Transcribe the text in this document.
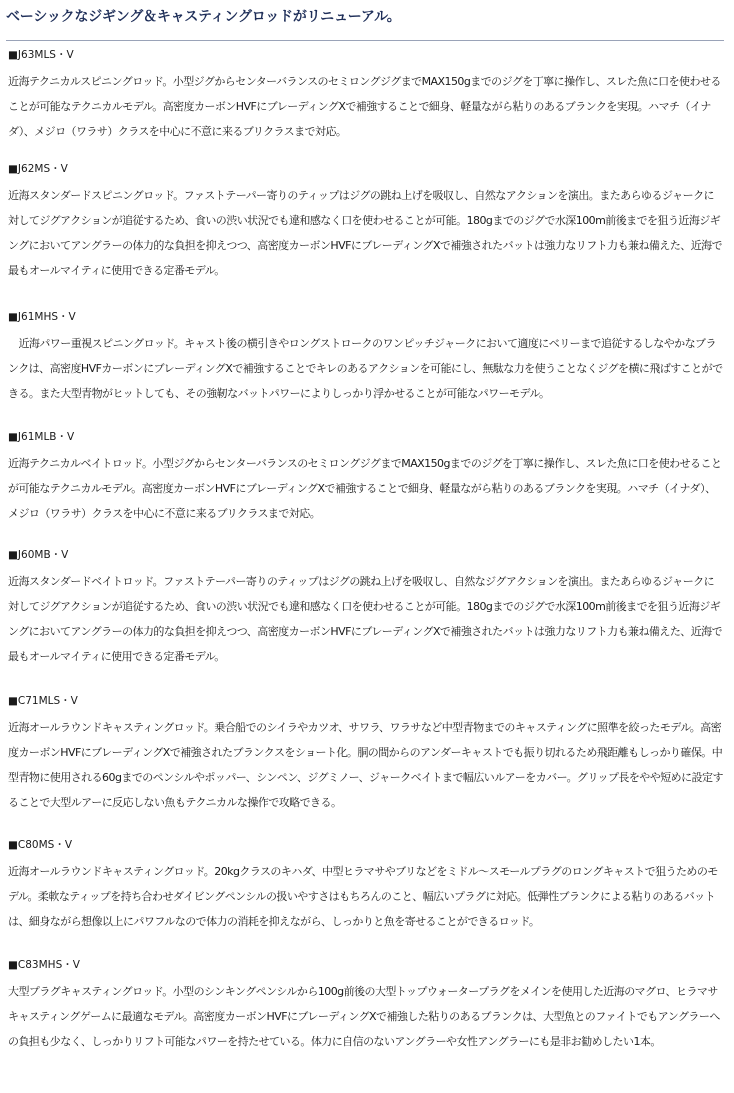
ベーシックなジギング＆キャスティングロッドがリニューアル。
■J63MLS・V
近海テクニカルスピニングロッド。小型ジグからセンターバランスのセミロングジグまでMAX150gまでのジグを丁寧に操作し、スレた魚に口を使わせることが可能なテクニカルモデル。高密度カーボンHVFにブレーディングXで補強することで細身、軽量ながら粘りのあるブランクを実現。ハマチ（イナダ）、メジロ（ワラサ）クラスを中心に不意に来るブリクラスまで対応。
■J62MS・V
近海スタンダードスピニングロッド。ファストテーパー寄りのティップはジグの跳ね上げを吸収し、自然なアクションを演出。またあらゆるジャークに対してジグアクションが追従するため、食いの渋い状況でも違和感なく口を使わせることが可能。180gまでのジグで水深100m前後までを狙う近海ジギングにおいてアングラーの体力的な負担を抑えつつ、高密度カーボンHVFにブレーディングXで補強されたバットは強力なリフト力も兼ね備えた、近海で最もオールマイティに使用できる定番モデル。
■J61MHS・V
　近海パワー重視スピニングロッド。キャスト後の横引きやロングストロークのワンピッチジャークにおいて適度にベリーまで追従するしなやかなブランクは、高密度HVFカーボンにブレーディングXで補強することでキレのあるアクションを可能にし、無駄な力を使うことなくジグを横に飛ばすことができる。また大型青物がヒットしても、その強靭なバットパワーによりしっかり浮かせることが可能なパワーモデル。
■J61MLB・V
近海テクニカルベイトロッド。小型ジグからセンターバランスのセミロングジグまでMAX150gまでのジグを丁寧に操作し、スレた魚に口を使わせることが可能なテクニカルモデル。高密度カーボンHVFにブレーディングXで補強することで細身、軽量ながら粘りのあるブランクを実現。ハマチ（イナダ）、メジロ（ワラサ）クラスを中心に不意に来るブリクラスまで対応。
■J60MB・V
近海スタンダードベイトロッド。ファストテーパー寄りのティップはジグの跳ね上げを吸収し、自然なジグアクションを演出。またあらゆるジャークに対してジグアクションが追従するため、食いの渋い状況でも違和感なく口を使わせることが可能。180gまでのジグで水深100m前後までを狙う近海ジギングにおいてアングラーの体力的な負担を抑えつつ、高密度カーボンHVFにブレーディングXで補強されたバットは強力なリフト力も兼ね備えた、近海で最もオールマイティに使用できる定番モデル。
■C71MLS・V
近海オールラウンドキャスティングロッド。乗合船でのシイラやカツオ、サワラ、ワラサなど中型青物までのキャスティングに照準を絞ったモデル。高密度カーボンHVFにブレーディングXで補強されたブランクスをショート化。胴の間からのアンダーキャストでも振り切れるため飛距離もしっかり確保。中型青物に使用される60gまでのペンシルやポッパー、シンペン、ジグミノー、ジャークベイトまで幅広いルアーをカバー。グリップ長をやや短めに設定することで大型ルアーに反応しない魚もテクニカルな操作で攻略できる。
■C80MS・V
近海オールラウンドキャスティングロッド。20kgクラスのキハダ、中型ヒラマサやブリなどをミドル～スモールプラグのロングキャストで狙うためのモデル。柔軟なティップを持ち合わせダイビングペンシルの扱いやすさはもちろんのこと、幅広いプラグに対応。低弾性ブランクによる粘りのあるバットは、細身ながら想像以上にパワフルなので体力の消耗を抑えながら、しっかりと魚を寄せることができるロッド。
■C83MHS・V
大型プラグキャスティングロッド。小型のシンキングペンシルから100g前後の大型トップウォータープラグをメインを使用した近海のマグロ、ヒラマサキャスティングゲームに最適なモデル。高密度カーボンHVFにブレーディングXで補強した粘りのあるブランクは、大型魚とのファイトでもアングラーへの負担も少なく、しっかりリフト可能なパワーを持たせている。体力に自信のないアングラーや女性アングラーにも是非お勧めしたい1本。
